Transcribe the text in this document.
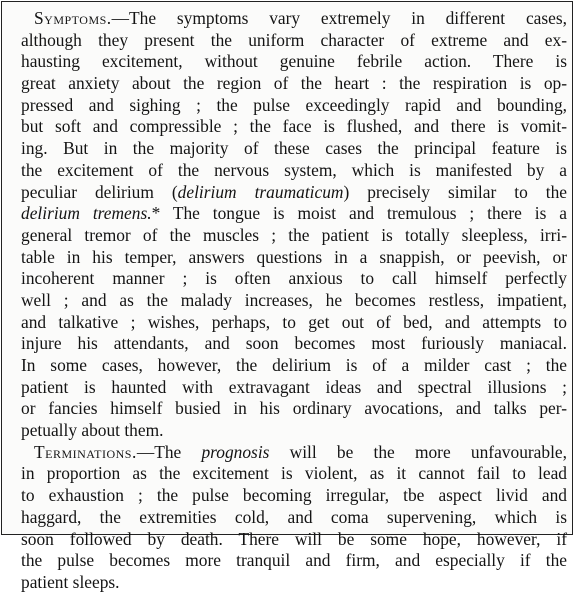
Symptoms.—The symptoms vary extremely in different cases,
although they present the uniform character of extreme and ex-
hausting excitement, without genuine febrile action. There is
great anxiety about the region of the heart : the respiration is op-
pressed and sighing ; the pulse exceedingly rapid and bounding,
but soft and compressible ; the face is flushed, and there is vomit-
ing. But in the majority of these cases the principal feature is
the excitement of the nervous system, which is manifested by a
peculiar delirium (delirium traumaticum) precisely similar to the
delirium tremens.* The tongue is moist and tremulous ; there is a
general tremor of the muscles ; the patient is totally sleepless, irri-
table in his temper, answers questions in a snappish, or peevish, or
incoherent manner ; is often anxious to call himself perfectly
well ; and as the malady increases, he becomes restless, impatient,
and talkative ; wishes, perhaps, to get out of bed, and attempts to
injure his attendants, and soon becomes most furiously maniacal.
In some cases, however, the delirium is of a milder cast ; the
patient is haunted with extravagant ideas and spectral illusions ;
or fancies himself busied in his ordinary avocations, and talks per-
petually about them.
Terminations.—The prognosis will be the more unfavourable,
in proportion as the excitement is violent, as it cannot fail to lead
to exhaustion ; the pulse becoming irregular, tbe aspect livid and
haggard, the extremities cold, and coma supervening, which is
soon followed by death. There will be some hope, however, if
the pulse becomes more tranquil and firm, and especially if the
patient sleeps.
